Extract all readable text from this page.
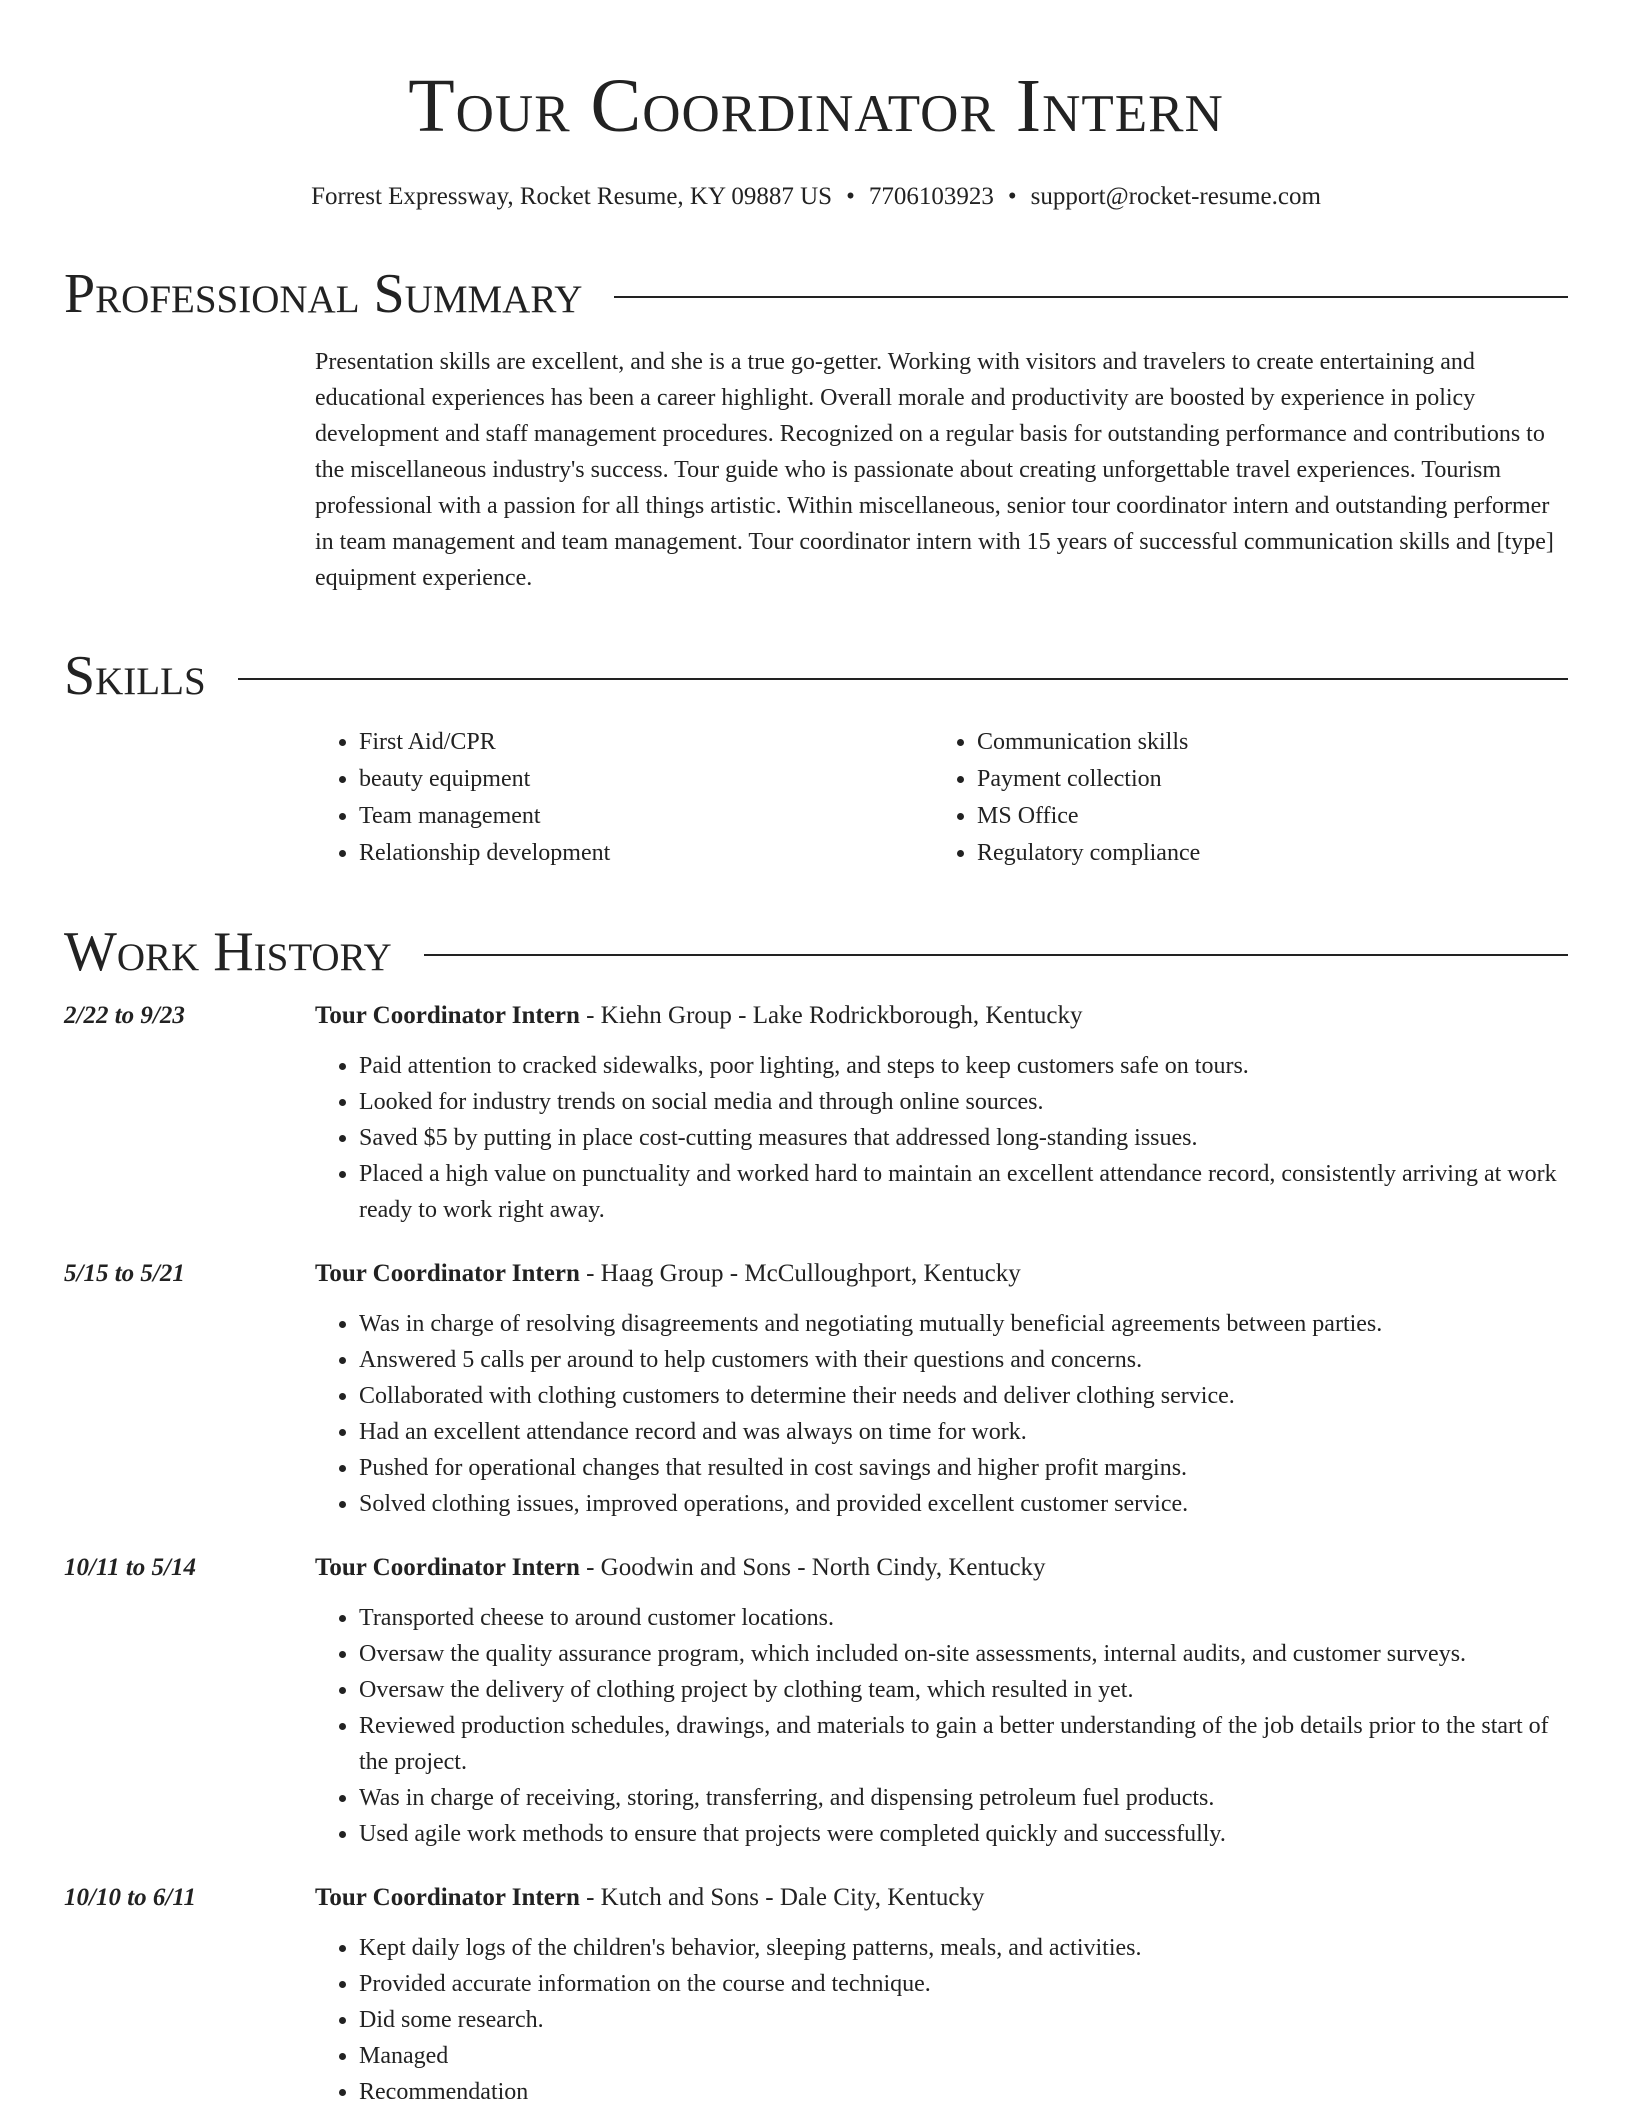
Tour Coordinator Intern
Forrest Expressway, Rocket Resume, KY 09887 US • 7706103923 • support@rocket-resume.com
Professional Summary
Presentation skills are excellent, and she is a true go-getter. Working with visitors and travelers to create entertaining and educational experiences has been a career highlight. Overall morale and productivity are boosted by experience in policy development and staff management procedures. Recognized on a regular basis for outstanding performance and contributions to the miscellaneous industry's success. Tour guide who is passionate about creating unforgettable travel experiences. Tourism professional with a passion for all things artistic. Within miscellaneous, senior tour coordinator intern and outstanding performer in team management and team management. Tour coordinator intern with 15 years of successful communication skills and [type] equipment experience.
Skills
• First Aid/CPR
• beauty equipment
• Team management
• Relationship development
• Communication skills
• Payment collection
• MS Office
• Regulatory compliance
Work History
2/22 to 9/23	Tour Coordinator Intern - Kiehn Group - Lake Rodrickborough, Kentucky
• Paid attention to cracked sidewalks, poor lighting, and steps to keep customers safe on tours.
• Looked for industry trends on social media and through online sources.
• Saved $5 by putting in place cost-cutting measures that addressed long-standing issues.
• Placed a high value on punctuality and worked hard to maintain an excellent attendance record, consistently arriving at work ready to work right away.
5/15 to 5/21	Tour Coordinator Intern - Haag Group - McCulloughport, Kentucky
• Was in charge of resolving disagreements and negotiating mutually beneficial agreements between parties.
• Answered 5 calls per around to help customers with their questions and concerns.
• Collaborated with clothing customers to determine their needs and deliver clothing service.
• Had an excellent attendance record and was always on time for work.
• Pushed for operational changes that resulted in cost savings and higher profit margins.
• Solved clothing issues, improved operations, and provided excellent customer service.
10/11 to 5/14	Tour Coordinator Intern - Goodwin and Sons - North Cindy, Kentucky
• Transported cheese to around customer locations.
• Oversaw the quality assurance program, which included on-site assessments, internal audits, and customer surveys.
• Oversaw the delivery of clothing project by clothing team, which resulted in yet.
• Reviewed production schedules, drawings, and materials to gain a better understanding of the job details prior to the start of the project.
• Was in charge of receiving, storing, transferring, and dispensing petroleum fuel products.
• Used agile work methods to ensure that projects were completed quickly and successfully.
10/10 to 6/11	Tour Coordinator Intern - Kutch and Sons - Dale City, Kentucky
• Kept daily logs of the children's behavior, sleeping patterns, meals, and activities.
• Provided accurate information on the course and technique.
• Did some research.
• Managed
• Recommendation
